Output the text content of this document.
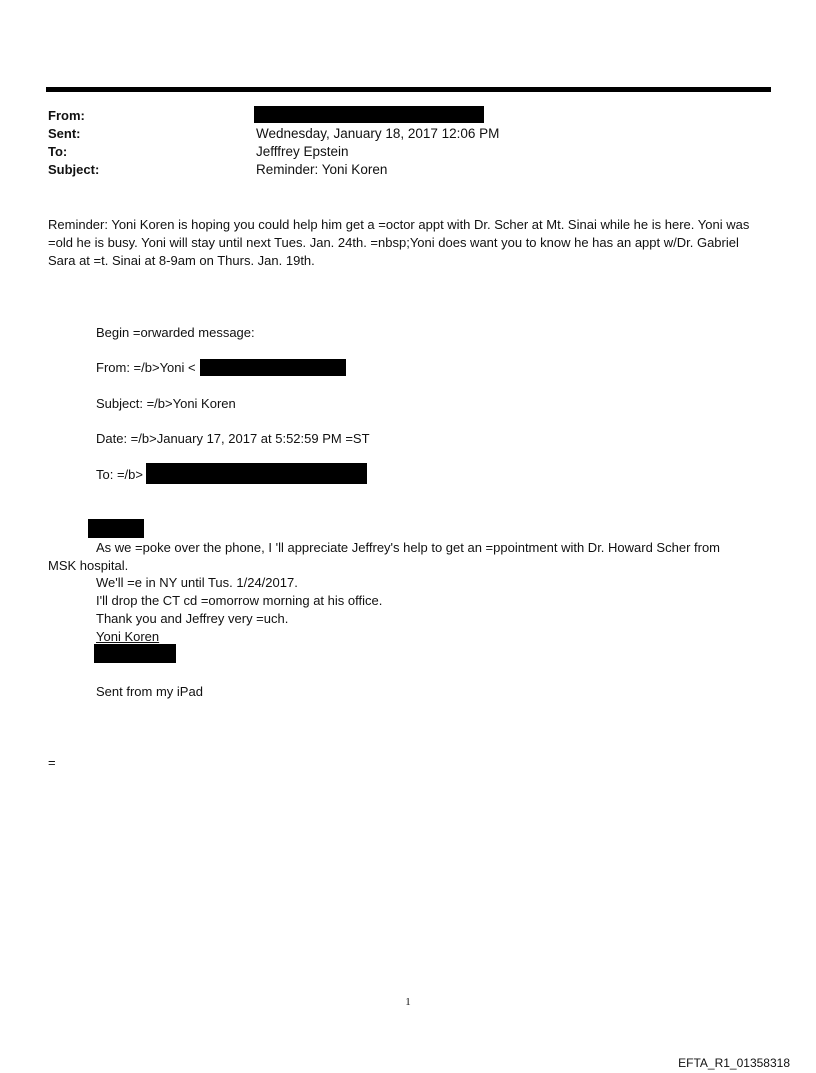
From:
Sent:	Wednesday, January 18, 2017 12:06 PM
To:	Jefffrey Epstein
Subject:	Reminder: Yoni Koren
Reminder: Yoni Koren is hoping you could help him get a =octor appt with Dr. Scher at Mt. Sinai while he is here. Yoni was =old he is busy. Yoni will stay until next Tues. Jan. 24th. =nbsp;Yoni does want you to know he has an appt w/Dr. Gabriel Sara at =t. Sinai at 8-9am on Thurs. Jan. 19th.
Begin =orwarded message:
From: =/b>Yoni <
Subject: =/b>Yoni Koren
Date: =/b>January 17, 2017 at 5:52:59 PM =ST
To: =/b>
As we =poke over the phone, I 'll appreciate Jeffrey's help to get an =ppointment with Dr. Howard Scher from
MSK hospital.
We'll =e in NY until Tus. 1/24/2017.
I'll drop the CT cd =omorrow morning at his office.
Thank you and Jeffrey very =uch.
Yoni Koren
Sent from my iPad
=
1
EFTA_R1_01358318
